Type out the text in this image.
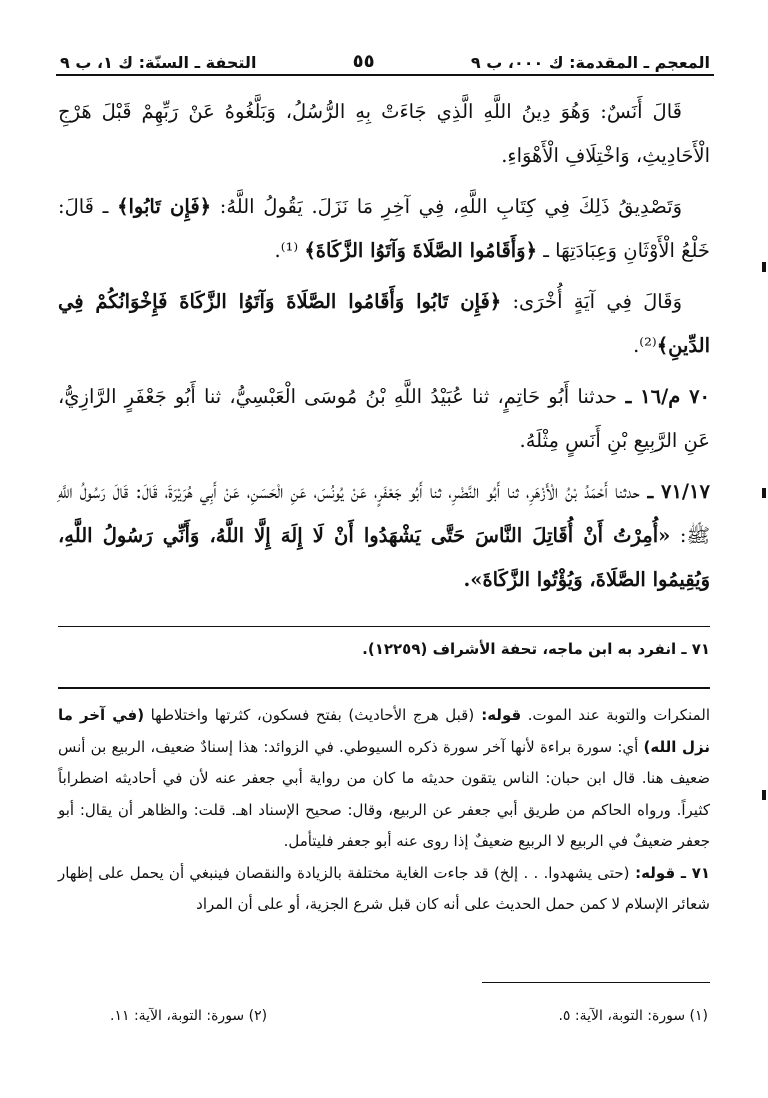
المعجم ـ المقدمة: ك ٠٠٠، ب ٩
٥٥
التحفة ـ السنّة: ك ١، ب ٩

قَالَ أَنَسٌ: وَهُوَ دِينُ اللَّهِ الَّذِي جَاءَتْ بِهِ الرُّسُلُ، وَبَلَّغُوهُ عَنْ رَبِّهِمْ قَبْلَ هَرْجِ الْأَحَادِيثِ، وَاخْتِلَافِ الْأَهْوَاءِ.

وَتَصْدِيقُ ذَلِكَ فِي كِتَابِ اللَّهِ، فِي آخِرِ مَا نَزَلَ. يَقُولُ اللَّهُ: ﴿فَإِن تَابُوا﴾ ـ قَالَ: خَلْعُ الْأَوْثَانِ وَعِبَادَتِهَا ـ ﴿وَأَقَامُوا الصَّلَاةَ وَآتَوُا الزَّكَاةَ﴾ ⁽¹⁾.

وَقَالَ فِي آيَةٍ أُخْرَى: ﴿فَإِن تَابُوا وَأَقَامُوا الصَّلَاةَ وَآتَوُا الزَّكَاةَ فَإِخْوَانُكُمْ فِي الدِّينِ﴾⁽²⁾.

٧٠ م/١٦ ـ حدثنا أَبُو حَاتِمٍ، ثنا عُبَيْدُ اللَّهِ بْنُ مُوسَى الْعَبْسِيُّ، ثنا أَبُو جَعْفَرٍ الرَّازِيُّ، عَنِ الرَّبِيعِ بْنِ أَنَسٍ مِثْلَهُ.

٧١/١٧ ـ حدثنا أَحْمَدُ بْنُ الْأَزْهَرِ، ثنا أَبُو النَّضْرِ، ثنا أَبُو جَعْفَرٍ، عَنْ يُونُسَ، عَنِ الْحَسَنِ، عَنْ أَبِي هُرَيْرَةَ، قَالَ: قَالَ رَسُولُ اللَّهِ ﷺ: «أُمِرْتُ أَنْ أُقَاتِلَ النَّاسَ حَتَّى يَشْهَدُوا أَنْ لَا إِلَهَ إِلَّا اللَّهُ، وَأَنِّي رَسُولُ اللَّهِ، وَيُقِيمُوا الصَّلَاةَ، وَيُؤْتُوا الزَّكَاةَ».

٧١ ـ انفرد به ابن ماجه، تحفة الأشراف (١٢٢٥٩).

المنكرات والتوبة عند الموت. قوله: (قبل هرج الأحاديث) بفتح فسكون، كثرتها واختلاطها (في آخر ما نزل الله) أي: سورة براءة لأنها آخر سورة ذكره السيوطي. في الزوائد: هذا إسنادٌ ضعيف، الربيع بن أنس ضعيف هنا. قال ابن حبان: الناس يتقون حديثه ما كان من رواية أبي جعفر عنه لأن في أحاديثه اضطراباً كثيراً. ورواه الحاكم من طريق أبي جعفر عن الربيع، وقال: صحيح الإسناد اهـ. قلت: والظاهر أن يقال: أبو جعفر ضعيفٌ في الربيع لا الربيع ضعيفٌ إذا روى عنه أبو جعفر فليتأمل.

٧١ ـ قوله: (حتى يشهدوا. . . إلخ) قد جاءت الغاية مختلفة بالزيادة والنقصان فينبغي أن يحمل على إظهار شعائر الإسلام لا كمن حمل الحديث على أنه كان قبل شرع الجزية، أو على أن المراد

(١) سورة: التوبة، الآية: ٥.
(٢) سورة: التوبة، الآية: ١١.
